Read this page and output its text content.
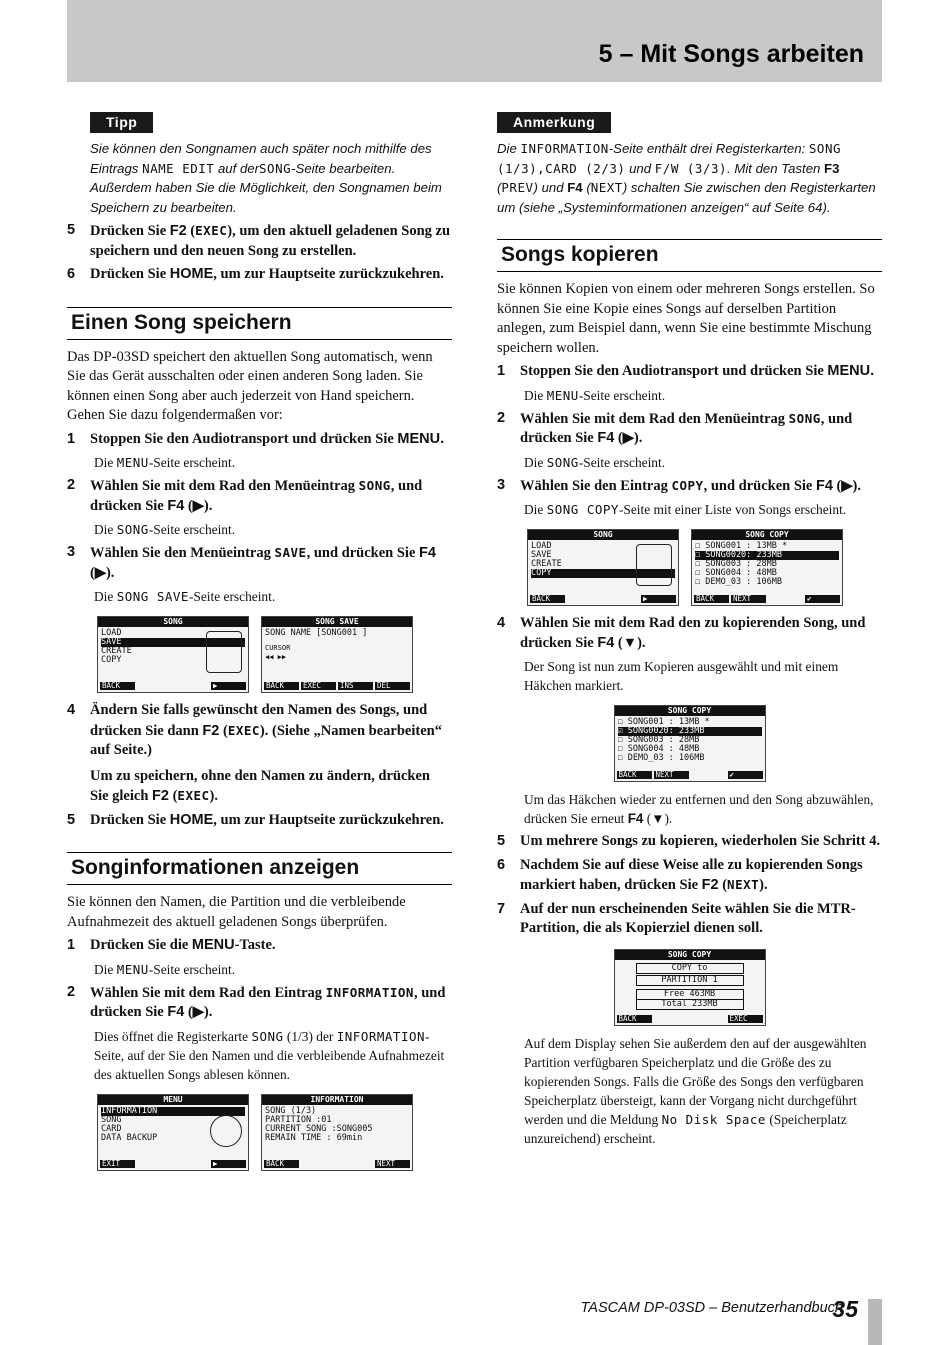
5 – Mit Songs arbeiten
Tipp
Sie können den Songnamen auch später noch mithilfe des Eintrags NAME EDIT auf derSONG-Seite bearbeiten. Außerdem haben Sie die Möglichkeit, den Songnamen beim Speichern zu bearbeiten.
5	Drücken Sie F2 (EXEC), um den aktuell geladenen Song zu speichern und den neuen Song zu erstellen.
6	Drücken Sie HOME, um zur Hauptseite zurückzukehren.
Einen Song speichern

Das DP-03SD speichert den aktuellen Song automatisch, wenn Sie das Gerät ausschalten oder einen anderen Song laden. Sie können einen Song aber auch jederzeit von Hand speichern. Gehen Sie dazu folgendermaßen vor:

1	Stoppen Sie den Audiotransport und drücken Sie MENU.
Die MENU-Seite erscheint.
2	Wählen Sie mit dem Rad den Menüeintrag SONG, und drücken Sie F4 (▶).
Die SONG-Seite erscheint.
3	Wählen Sie den Menüeintrag SAVE, und drücken Sie F4 (▶).
Die SONG SAVE-Seite erscheint.
SONG
LOAD
SAVE
CREATE
COPY
BACK	▶
SONG SAVE
SONG NAME [SONG001 ]
CURSOR
◀◀ ▶▶
BACK	EXEC	INS	DEL
4	Ändern Sie falls gewünscht den Namen des Songs, und drücken Sie dann F2 (EXEC). (Siehe „Namen bearbeiten“ auf Seite.)
Um zu speichern, ohne den Namen zu ändern, drücken Sie gleich F2 (EXEC).
5	Drücken Sie HOME, um zur Hauptseite zurückzukehren.
Songinformationen anzeigen

Sie können den Namen, die Partition und die verbleibende Aufnahmezeit des aktuell geladenen Songs überprüfen.

1	Drücken Sie die MENU-Taste.
Die MENU-Seite erscheint.
2	Wählen Sie mit dem Rad den Eintrag INFORMATION, und drücken Sie F4 (▶).
Dies öffnet die Registerkarte SONG (1/3) der INFORMATION-Seite, auf der Sie den Namen und die verbleibende Aufnahmezeit des aktuellen Songs ablesen können.
MENU
INFORMATION
SONG
CARD
DATA BACKUP
EXIT	▶
INFORMATION
SONG (1/3)
PARTITION :01
CURRENT SONG :SONG005
REMAIN TIME : 69min
BACK	NEXT
Anmerkung
Die INFORMATION-Seite enthält drei Registerkarten: SONG (1/3),CARD (2/3) und F/W (3/3). Mit den Tasten F3 (PREV) und F4 (NEXT) schalten Sie zwischen den Registerkarten um (siehe „Systeminformationen anzeigen“ auf Seite 64).
Songs kopieren

Sie können Kopien von einem oder mehreren Songs erstellen. So können Sie eine Kopie eines Songs auf derselben Partition anlegen, zum Beispiel dann, wenn Sie eine bestimmte Mischung speichern wollen.

1	Stoppen Sie den Audiotransport und drücken Sie MENU.
Die MENU-Seite erscheint.
2	Wählen Sie mit dem Rad den Menüeintrag SONG, und drücken Sie F4 (▶).
Die SONG-Seite erscheint.
3	Wählen Sie den Eintrag COPY, und drücken Sie F4 (▶).
Die SONG COPY-Seite mit einer Liste von Songs erscheint.
SONG
LOAD
SAVE
CREATE
COPY
BACK	▶
SONG COPY
☐ SONG001 : 13MB *
☐ SONG0020: 233MB
☐ SONG003 : 28MB
☐ SONG004 : 48MB
☐ DEMO_03 : 106MB
BACK	NEXT	✔
4	Wählen Sie mit dem Rad den zu kopierenden Song, und drücken Sie F4 (▼).
Der Song ist nun zum Kopieren ausgewählt und mit einem Häkchen markiert.
SONG COPY
☐ SONG001 : 13MB *
☑ SONG0020: 233MB
☐ SONG003 : 28MB
☐ SONG004 : 48MB
☐ DEMO_03 : 106MB
BACK	NEXT	✔
Um das Häkchen wieder zu entfernen und den Song abzuwählen, drücken Sie erneut F4 (▼).
5	Um mehrere Songs zu kopieren, wiederholen Sie Schritt 4.
6	Nachdem Sie auf diese Weise alle zu kopierenden Songs markiert haben, drücken Sie F2 (NEXT).
7	Auf der nun erscheinenden Seite wählen Sie die MTR-Partition, die als Kopierziel dienen soll.
SONG COPY
COPY to
PARTITION 1
Free 463MB
Total 233MB
BACK	EXEC
Auf dem Display sehen Sie außerdem den auf der ausgewählten Partition verfügbaren Speicherplatz und die Größe des zu kopierenden Songs. Falls die Größe des Songs den verfügbaren Speicherplatz übersteigt, kann der Vorgang nicht durchgeführt werden und die Meldung No Disk Space (Speicherplatz unzureichend) erscheint.
TASCAM DP-03SD – Benutzerhandbuch
35
